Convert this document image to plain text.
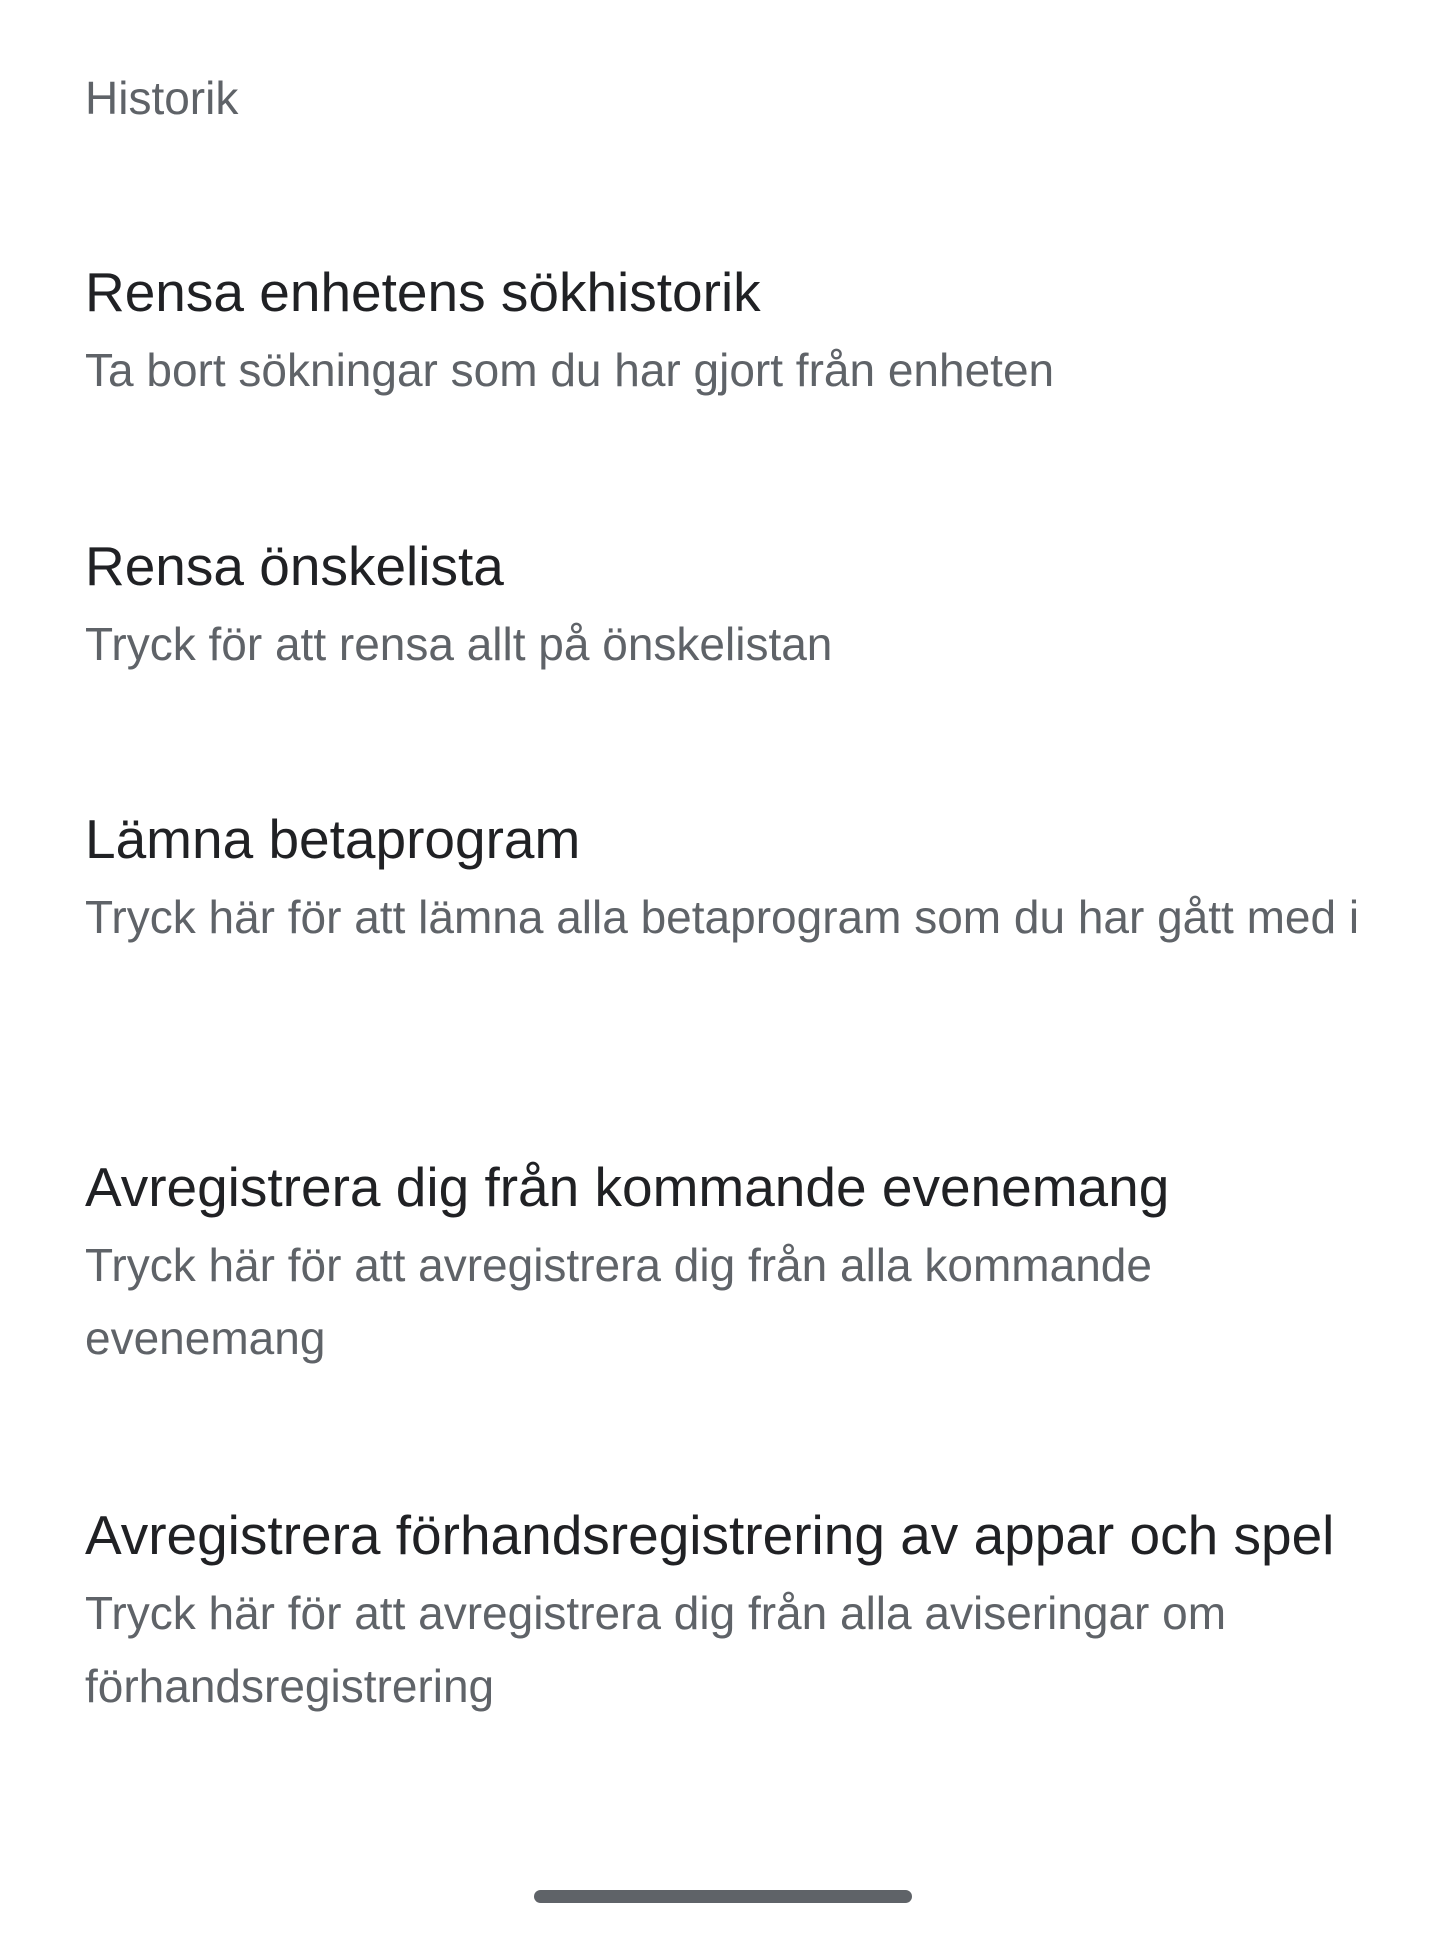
Historik
Rensa enhetens sökhistorik
Ta bort sökningar som du har gjort från enheten
Rensa önskelista
Tryck för att rensa allt på önskelistan
Lämna betaprogram
Tryck här för att lämna alla betaprogram som du har gått med i
Avregistrera dig från kommande evenemang
Tryck här för att avregistrera dig från alla kommande evenemang
Avregistrera förhandsregistrering av appar och spel
Tryck här för att avregistrera dig från alla aviseringar om förhandsregistrering
